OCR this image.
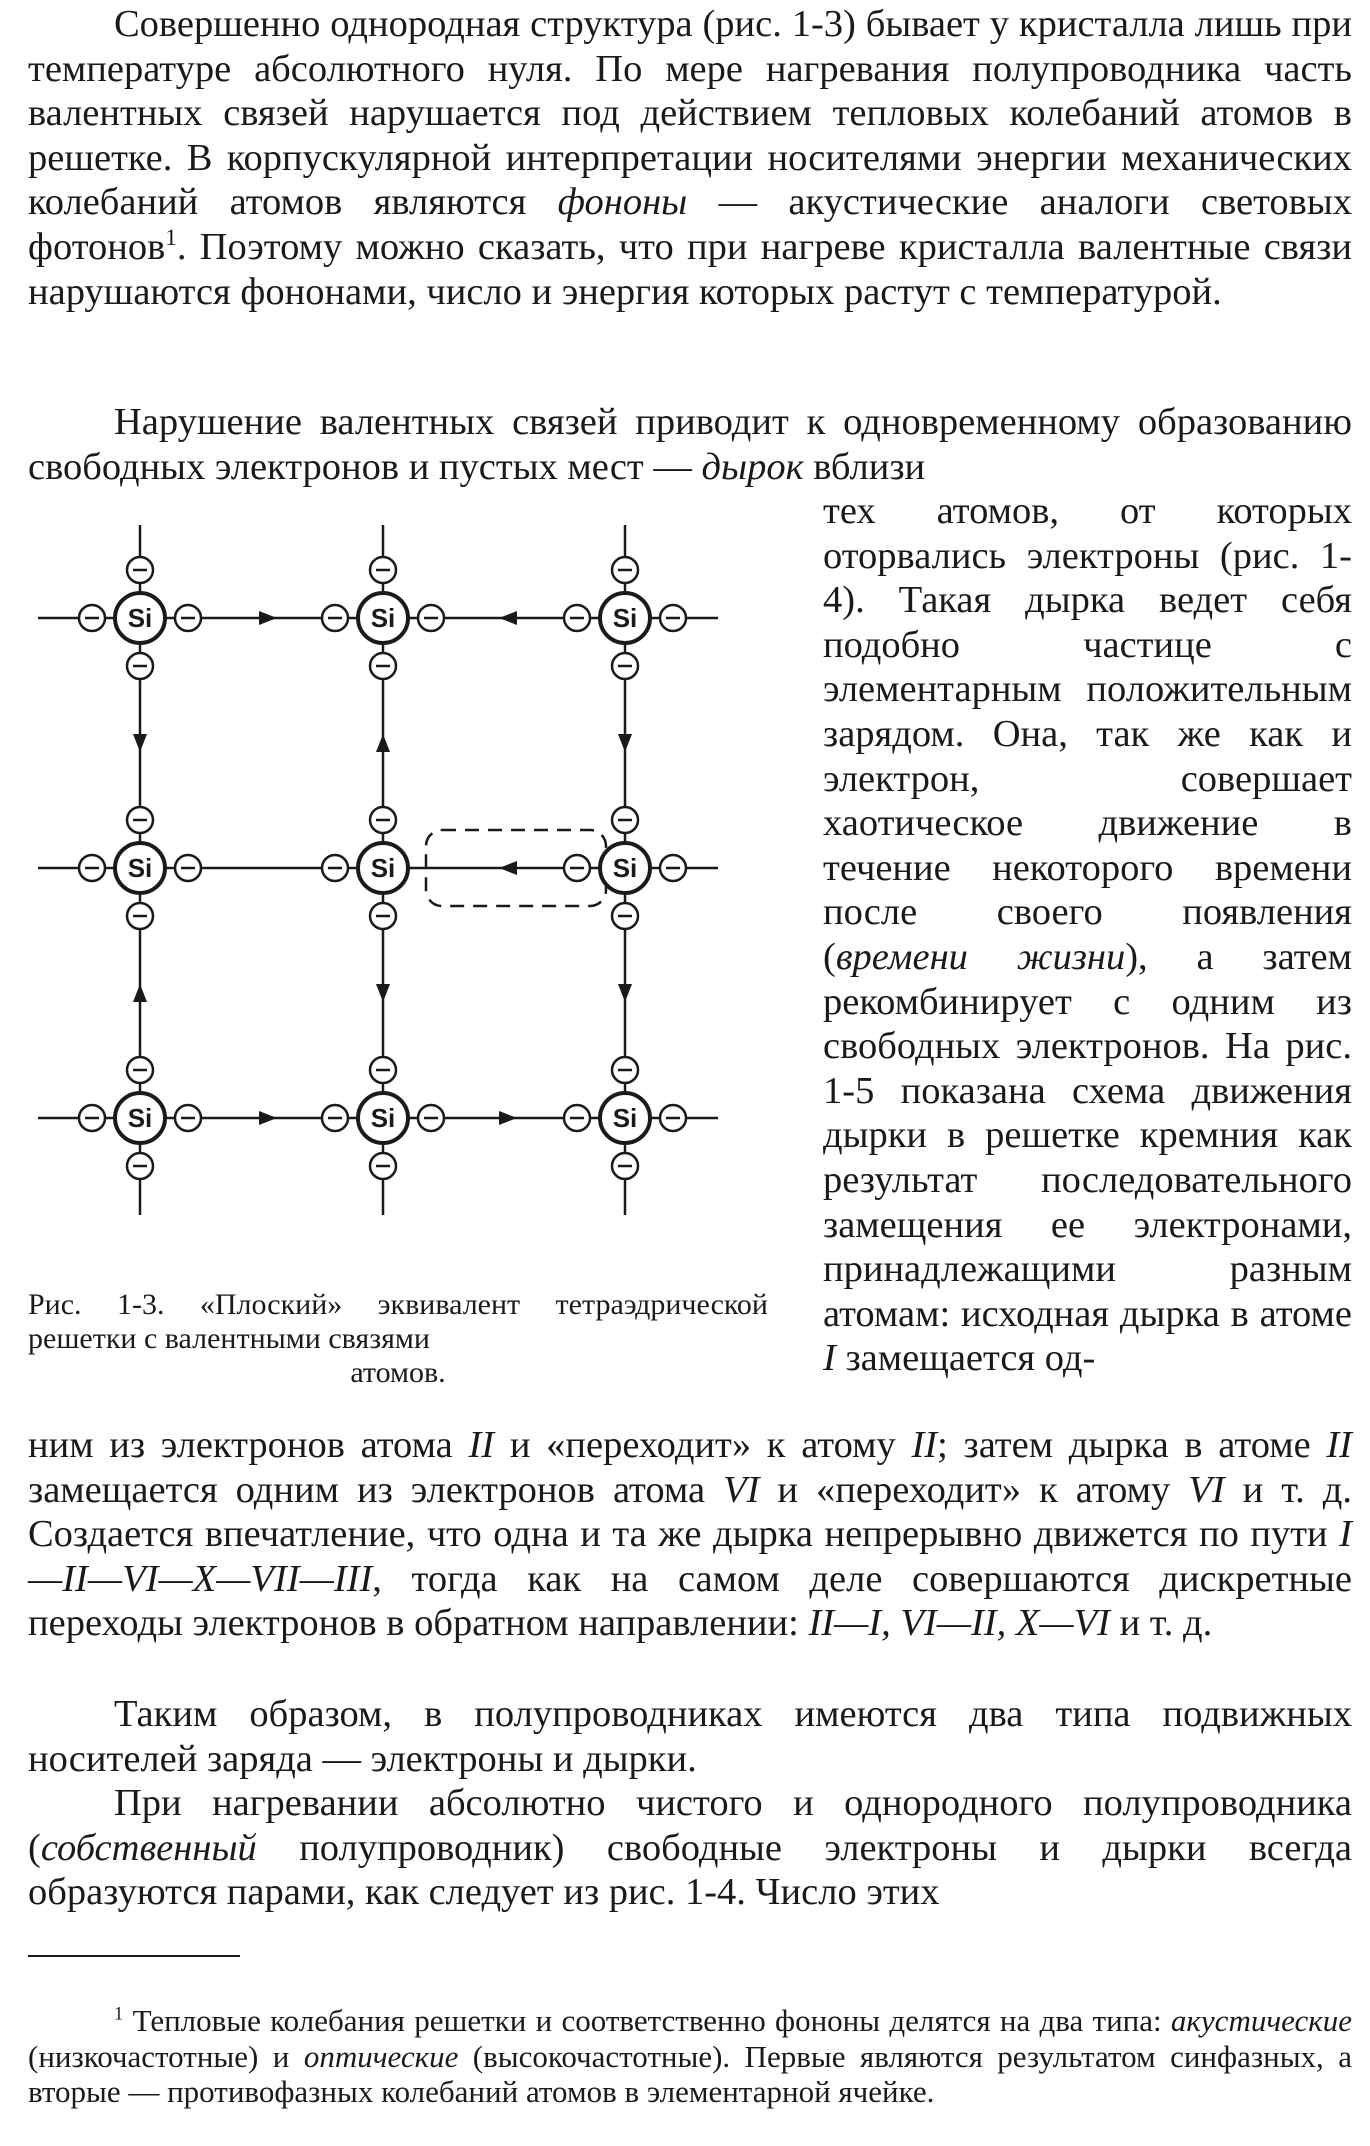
Совершенно однородная структура (рис. 1-3) бывает у кристалла лишь при температуре абсолютного нуля. По мере нагревания полупроводника часть валентных связей нарушается под действием тепловых колебаний атомов в решетке. В корпускулярной интерпретации носителями энергии механических колебаний атомов являются фононы — акустические аналоги световых фотонов$^1$. Поэтому можно сказать, что при нагреве кристалла валентные связи нарушаются фононами, число и энергия которых растут с температурой.

Нарушение валентных связей приводит к одновременному образованию свободных электронов и пустых мест — дырок вблизи

Si	Si	Si
Si	Si	Si
Si	Si	Si

Рис. 1-3. «Плоский» эквивалент тетраэдрической решетки с валентными связями
атомов.

тех атомов, от которых оторвались электроны (рис. 1-4). Такая дырка ведет себя подобно частице с элементарным положительным зарядом. Она, так же как и электрон, совершает хаотическое движение в течение некоторого времени после своего появления (времени жизни), а затем рекомбинирует с одним из свободных электронов. На рис. 1-5 показана схема движения дырки в решетке кремния как результат последовательного замещения ее электронами, принадлежащими разным атомам: исходная дырка в атоме I замещается од-

ним из электронов атома II и «переходит» к атому II; затем дырка в атоме II замещается одним из электронов атома VI и «переходит» к атому VI и т. д. Создается впечатление, что одна и та же дырка непрерывно движется по пути I—II—VI—X—VII—III, тогда как на самом деле совершаются дискретные переходы электронов в обратном направлении: II—I, VI—II, X—VI и т. д.

Таким образом, в полупроводниках имеются два типа подвижных носителей заряда — электроны и дырки.

При нагревании абсолютно чистого и однородного полупроводника (собственный полупроводник) свободные электроны и дырки всегда образуются парами, как следует из рис. 1-4. Число этих

$^1$ Тепловые колебания решетки и соответственно фононы делятся на два типа: акустические (низкочастотные) и оптические (высокочастотные). Первые являются результатом синфазных, а вторые — противофазных колебаний атомов в элементарной ячейке.
